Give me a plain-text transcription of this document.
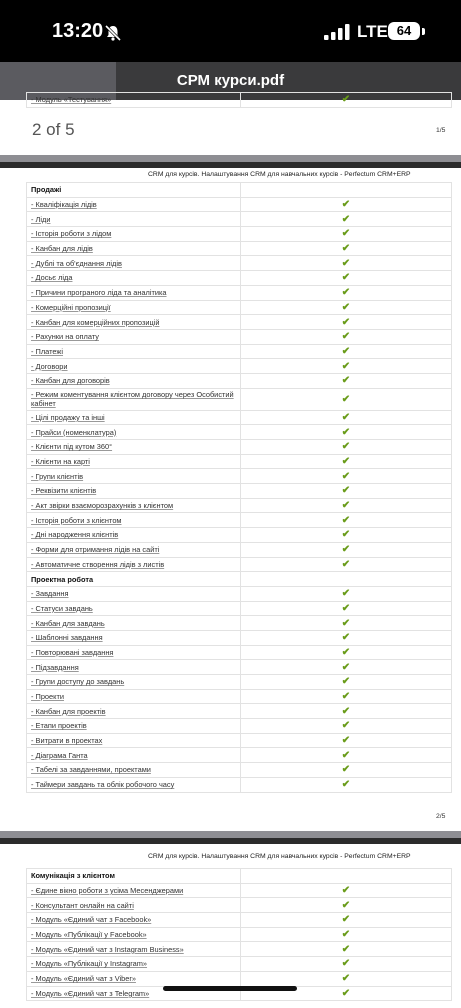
13:20	LTE 64
СРМ курси.pdf
- Модуль «Тестування»	✔
2 of 5	1/5
CRM для курсів. Налаштування CRM для навчальних курсів - Perfectum CRM+ERP
Продажі	
- Кваліфікація лідів	✔
- Ліди	✔
- Історія роботи з лідом	✔
- Канбан для лідів	✔
- Дублі та об'єднання лідів	✔
- Досьє ліда	✔
- Причини програного ліда та аналітика	✔
- Комерційні пропозиції	✔
- Канбан для комерційних пропозицій	✔
- Рахунки на оплату	✔
- Платежі	✔
- Договори	✔
- Канбан для договорів	✔
- Режим коментування клієнтом договору через Особистий кабінет	✔
- Цілі продажу та інші	✔
- Прайси (номенклатура)	✔
- Клієнти під кутом 360°	✔
- Клієнти на карті	✔
- Групи клієнтів	✔
- Реквізити клієнтів	✔
- Акт звірки взаєморозрахунків з клієнтом	✔
- Історія роботи з клієнтом	✔
- Дні народження клієнтів	✔
- Форми для отримання лідів на сайті	✔
- Автоматичне створення лідів з листів	✔
Проектна робота	
- Завдання	✔
- Статуси завдань	✔
- Канбан для завдань	✔
- Шаблонні завдання	✔
- Повторювані завдання	✔
- Підзавдання	✔
- Групи доступу до завдань	✔
- Проекти	✔
- Канбан для проектів	✔
- Етапи проектів	✔
- Витрати в проектах	✔
- Діаграма Ганта	✔
- Табелі за завданнями, проектами	✔
- Таймери завдань та облік робочого часу	✔
2/5
CRM для курсів. Налаштування CRM для навчальних курсів - Perfectum CRM+ERP
Комунікація з клієнтом	
- Єдине вікно роботи з усіма Месенджерами	✔
- Консультант онлайн на сайті	✔
- Модуль «Єдиний чат з Facebook»	✔
- Модуль «Публікації у Facebook»	✔
- Модуль «Єдиний чат з Instagram Business»	✔
- Модуль «Публікації у Instagram»	✔
- Модуль «Єдиний чат з Viber»	✔
- Модуль «Єдиний чат з Telegram»	✔
